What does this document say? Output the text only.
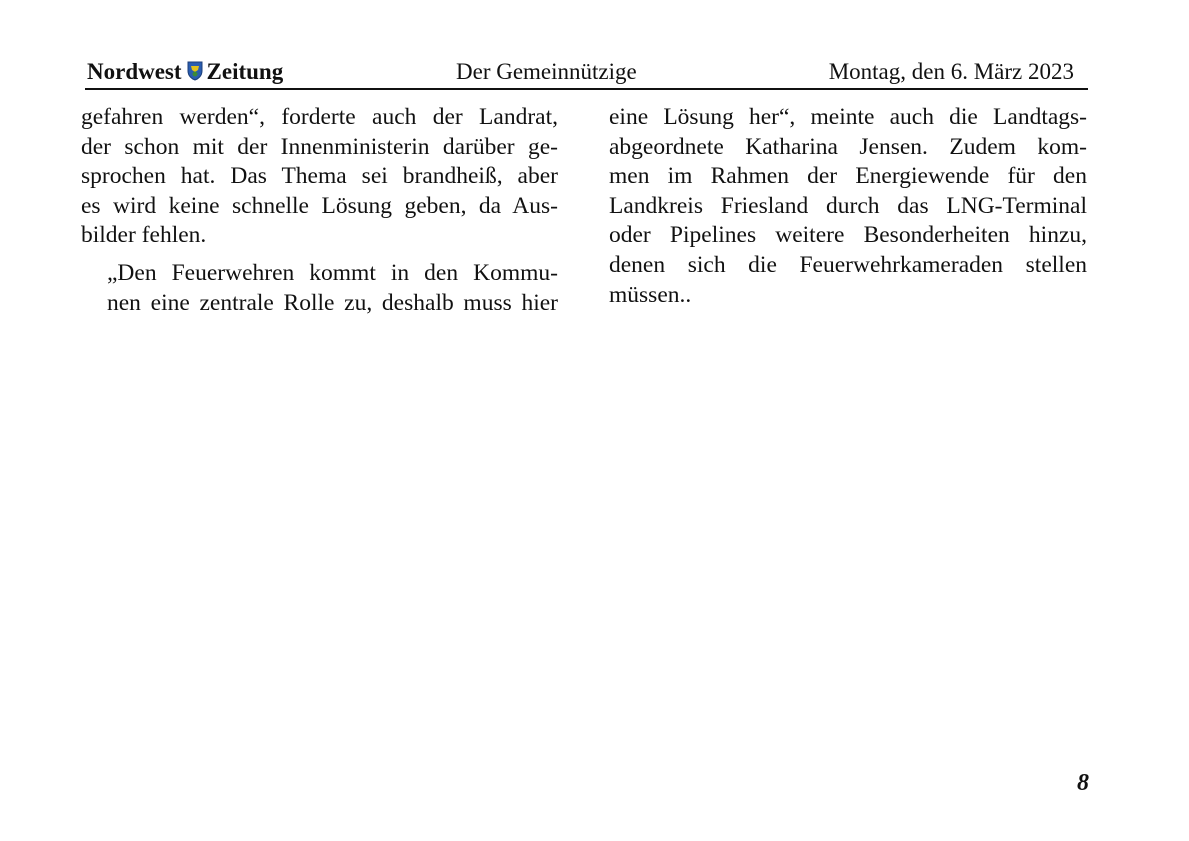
Nordwest Zeitung	Der Gemeinnützige	Montag, den 6. März 2023

gefahren werden“, forderte auch der Landrat,
der schon mit der Innenministerin darüber ge-
sprochen hat. Das Thema sei brandheiß, aber
es wird keine schnelle Lösung geben, da Aus-
bilder fehlen.

„Den Feuerwehren kommt in den Kommu-
nen eine zentrale Rolle zu, deshalb muss hier

eine Lösung her“, meinte auch die Landtags-
abgeordnete Katharina Jensen. Zudem kom-
men im Rahmen der Energiewende für den
Landkreis Friesland durch das LNG-Terminal
oder Pipelines weitere Besonderheiten hinzu,
denen sich die Feuerwehrkameraden stellen
müssen..

8
